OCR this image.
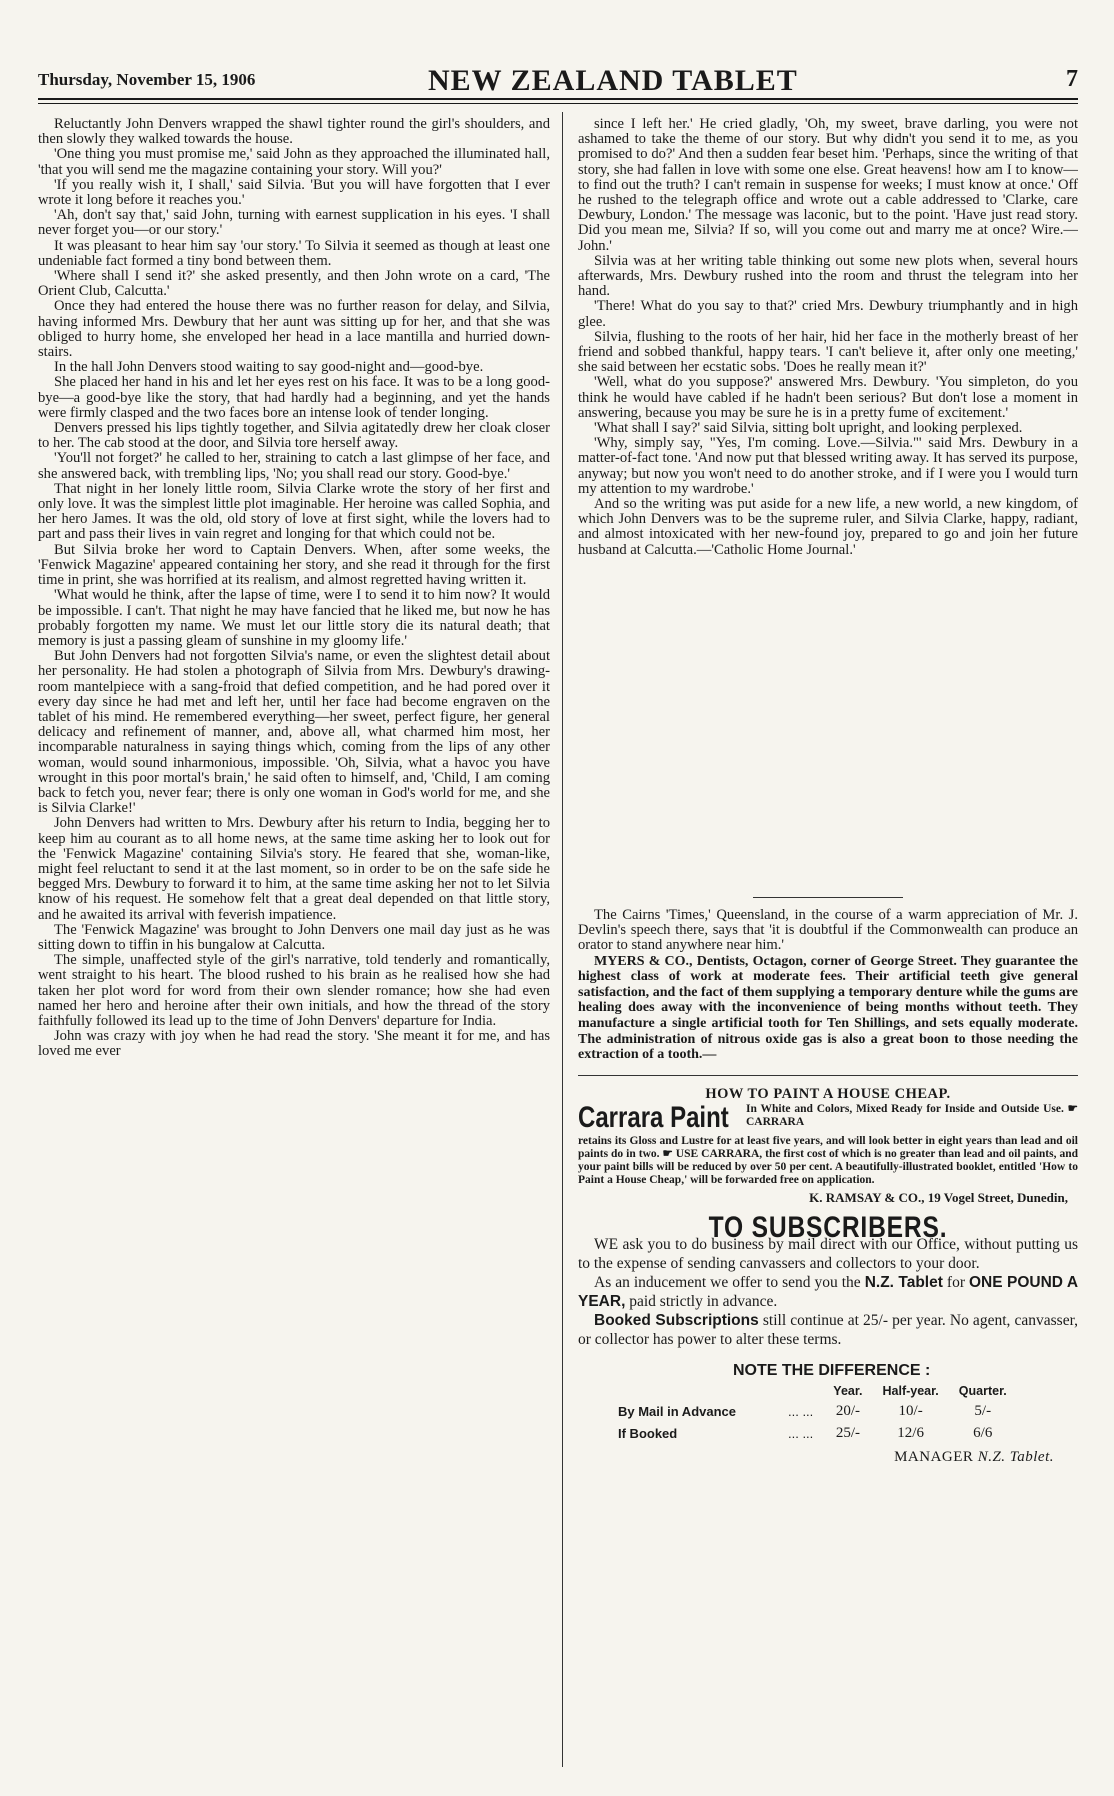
Thursday, November 15, 1906	NEW ZEALAND TABLET	7

Reluctantly John Denvers wrapped the shawl tighter round the girl's shoulders, and then slowly they walked towards the house.

'One thing you must promise me,' said John as they approached the illuminated hall, 'that you will send me the magazine containing your story. Will you?'

'If you really wish it, I shall,' said Silvia. 'But you will have forgotten that I ever wrote it long before it reaches you.'

'Ah, don't say that,' said John, turning with earnest supplication in his eyes. 'I shall never forget you—or our story.'

It was pleasant to hear him say 'our story.' To Silvia it seemed as though at least one undeniable fact formed a tiny bond between them.

'Where shall I send it?' she asked presently, and then John wrote on a card, 'The Orient Club, Calcutta.'

Once they had entered the house there was no further reason for delay, and Silvia, having informed Mrs. Dewbury that her aunt was sitting up for her, and that she was obliged to hurry home, she enveloped her head in a lace mantilla and hurried down-stairs.

In the hall John Denvers stood waiting to say good-night and—good-bye.

She placed her hand in his and let her eyes rest on his face. It was to be a long good-bye—a good-bye like the story, that had hardly had a beginning, and yet the hands were firmly clasped and the two faces bore an intense look of tender longing.

Denvers pressed his lips tightly together, and Silvia agitatedly drew her cloak closer to her. The cab stood at the door, and Silvia tore herself away.

'You'll not forget?' he called to her, straining to catch a last glimpse of her face, and she answered back, with trembling lips, 'No; you shall read our story. Good-bye.'

That night in her lonely little room, Silvia Clarke wrote the story of her first and only love. It was the simplest little plot imaginable. Her heroine was called Sophia, and her hero James. It was the old, old story of love at first sight, while the lovers had to part and pass their lives in vain regret and longing for that which could not be.

But Silvia broke her word to Captain Denvers. When, after some weeks, the 'Fenwick Magazine' appeared containing her story, and she read it through for the first time in print, she was horrified at its realism, and almost regretted having written it.

'What would he think, after the lapse of time, were I to send it to him now? It would be impossible. I can't. That night he may have fancied that he liked me, but now he has probably forgotten my name. We must let our little story die its natural death; that memory is just a passing gleam of sunshine in my gloomy life.'

But John Denvers had not forgotten Silvia's name, or even the slightest detail about her personality. He had stolen a photograph of Silvia from Mrs. Dewbury's drawing-room mantelpiece with a sang-froid that defied competition, and he had pored over it every day since he had met and left her, until her face had become engraven on the tablet of his mind. He remembered everything—her sweet, perfect figure, her general delicacy and refinement of manner, and, above all, what charmed him most, her incomparable naturalness in saying things which, coming from the lips of any other woman, would sound inharmonious, impossible. 'Oh, Silvia, what a havoc you have wrought in this poor mortal's brain,' he said often to himself, and, 'Child, I am coming back to fetch you, never fear; there is only one woman in God's world for me, and she is Silvia Clarke!'

John Denvers had written to Mrs. Dewbury after his return to India, begging her to keep him au courant as to all home news, at the same time asking her to look out for the 'Fenwick Magazine' containing Silvia's story. He feared that she, woman-like, might feel reluctant to send it at the last moment, so in order to be on the safe side he begged Mrs. Dewbury to forward it to him, at the same time asking her not to let Silvia know of his request. He somehow felt that a great deal depended on that little story, and he awaited its arrival with feverish impatience.

The 'Fenwick Magazine' was brought to John Denvers one mail day just as he was sitting down to tiffin in his bungalow at Calcutta.

The simple, unaffected style of the girl's narrative, told tenderly and romantically, went straight to his heart. The blood rushed to his brain as he realised how she had taken her plot word for word from their own slender romance; how she had even named her hero and heroine after their own initials, and how the thread of the story faithfully followed its lead up to the time of John Denvers' departure for India.

John was crazy with joy when he had read the story. 'She meant it for me, and has loved me ever

since I left her.' He cried gladly, 'Oh, my sweet, brave darling, you were not ashamed to take the theme of our story. But why didn't you send it to me, as you promised to do?' And then a sudden fear beset him. 'Perhaps, since the writing of that story, she had fallen in love with some one else. Great heavens! how am I to know—to find out the truth? I can't remain in suspense for weeks; I must know at once.' Off he rushed to the telegraph office and wrote out a cable addressed to 'Clarke, care Dewbury, London.' The message was laconic, but to the point. 'Have just read story. Did you mean me, Silvia? If so, will you come out and marry me at once? Wire.—John.'

Silvia was at her writing table thinking out some new plots when, several hours afterwards, Mrs. Dewbury rushed into the room and thrust the telegram into her hand.

'There! What do you say to that?' cried Mrs. Dewbury triumphantly and in high glee.

Silvia, flushing to the roots of her hair, hid her face in the motherly breast of her friend and sobbed thankful, happy tears. 'I can't believe it, after only one meeting,' she said between her ecstatic sobs. 'Does he really mean it?'

'Well, what do you suppose?' answered Mrs. Dewbury. 'You simpleton, do you think he would have cabled if he hadn't been serious? But don't lose a moment in answering, because you may be sure he is in a pretty fume of excitement.'

'What shall I say?' said Silvia, sitting bolt upright, and looking perplexed.

'Why, simply say, "Yes, I'm coming. Love.—Silvia."' said Mrs. Dewbury in a matter-of-fact tone. 'And now put that blessed writing away. It has served its purpose, anyway; but now you won't need to do another stroke, and if I were you I would turn my attention to my wardrobe.'

And so the writing was put aside for a new life, a new world, a new kingdom, of which John Denvers was to be the supreme ruler, and Silvia Clarke, happy, radiant, and almost intoxicated with her new-found joy, prepared to go and join her future husband at Calcutta.—'Catholic Home Journal.'

The Cairns 'Times,' Queensland, in the course of a warm appreciation of Mr. J. Devlin's speech there, says that 'it is doubtful if the Commonwealth can produce an orator to stand anywhere near him.'

MYERS & CO., Dentists, Octagon, corner of George Street. They guarantee the highest class of work at moderate fees. Their artificial teeth give general satisfaction, and the fact of them supplying a temporary denture while the gums are healing does away with the inconvenience of being months without teeth. They manufacture a single artificial tooth for Ten Shillings, and sets equally moderate. The administration of nitrous oxide gas is also a great boon to those needing the extraction of a tooth.—

HOW TO PAINT A HOUSE CHEAP.
Carrara Paint In White and Colors, Mixed Ready for Inside and Outside Use. ☛CARRARA
retains its Gloss and Lustre for at least five years, and will look better in eight years than lead and oil paints do in two. ☛ USE CARRARA, the first cost of which is no greater than lead and oil paints, and your paint bills will be reduced by over 50 per cent. A beautifully-illustrated booklet, entitled 'How to Paint a House Cheap,' will be forwarded free on application.
K. RAMSAY & CO., 19 Vogel Street, Dunedin,
TO SUBSCRIBERS.

WE ask you to do business by mail direct with our Office, without putting us to the expense of sending canvassers and collectors to your door.

As an inducement we offer to send you the N.Z. Tablet for ONE POUND A YEAR, paid strictly in advance.

Booked Subscriptions still continue at 25/- per year. No agent, canvasser, or collector has power to alter these terms.

NOTE THE DIFFERENCE :
		Year.	Half-year.	Quarter.
By Mail in Advance	... ...	20/-	10/-	5/-
If Booked	... ...	25/-	12/6	6/6
MANAGER N.Z. Tablet.
